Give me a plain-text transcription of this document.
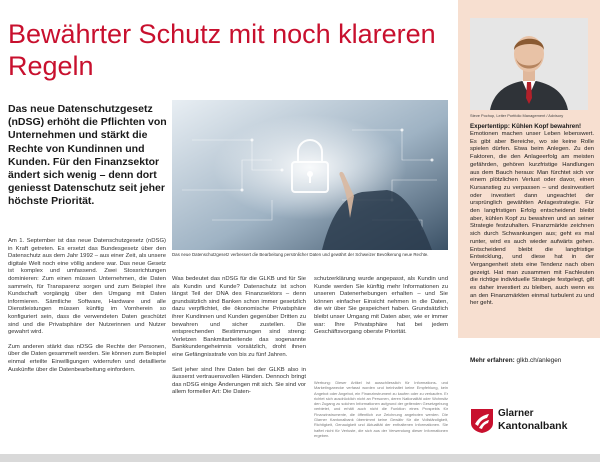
Bewährter Schutz mit noch klareren Regeln

Das neue Datenschutzgesetz (nDSG) erhöht die Pflichten von Unternehmen und stärkt die Rechte von Kundinnen und Kunden. Für den Finanzsektor ändert sich wenig – denn dort geniesst Datenschutz seit jeher höchste Priorität.

Das neue Datenschutzgesetz verbessert die Bearbeitung persönlicher Daten und gewährt der Schweizer Bevölkerung neue Rechte.

Am 1. September ist das neue Datenschutzgesetz (nDSG) in Kraft getreten. Es ersetzt das Bundesgesetz über den Datenschutz aus dem Jahr 1992 – aus einer Zeit, als unsere digitale Welt noch eine völlig andere war. Das neue Gesetz ist komplex und umfassend. Zwei Stossrichtungen dominieren: Zum einen müssen Unternehmen, die Daten sammeln, für Transparenz sorgen und zum Beispiel ihre Kundschaft vorgängig über den Umgang mit Daten informieren. Sämtliche Software, Hardware und alle Dienstleistungen müssen künftig im Vornherein so konfiguriert sein, dass die verwendeten Daten geschützt sind und die Privatsphäre der Nutzerinnen und Nutzer gewahrt wird.

Zum anderen stärkt das nDSG die Rechte der Personen, über die Daten gesammelt werden. Sie können zum Beispiel einmal erteilte Einwilligungen widerrufen und detaillierte Auskünfte über die Datenbearbeitung einfordern.

Was bedeutet das nDSG für die GLKB und für Sie als Kundin und Kunde? Datenschutz ist schon längst Teil der DNA des Finanzsektors – denn grundsätzlich sind Banken schon immer gesetzlich dazu verpflichtet, die ökonomische Privatsphäre ihrer Kundinnen und Kunden gegenüber Dritten zu bewahren und sicher zustellen. Die entsprechenden Bestimmungen sind streng: Verletzen Bankmitarbeitende das sogenannte Bankkundengeheimnis vorsätzlich, droht ihnen eine Gefängnisstrafe von bis zu fünf Jahren.

Seit jeher sind Ihre Daten bei der GLKB also in äusserst vertrauensvollen Händen. Dennoch bringt das nDSG einige Änderungen mit sich. Sie sind vor allem formeller Art: Die Daten-

schutzerklärung wurde angepasst, als Kundin und Kunde werden Sie künftig mehr Informationen zu unseren Datenerhebungen erhalten – und Sie können einfacher Einsicht nehmen in die Daten, die wir über Sie gespeichert haben. Grundsätzlich bleibt unser Umgang mit Daten aber, wie er immer war: Ihre Privatsphäre hat bei jedem Geschäftsvorgang oberste Priorität.

Werbung: Dieser Artikel ist ausschliesslich für Informations- und Marketingzwecke verfasst worden und beinhaltet keine Empfehlung, kein Angebot oder Angebot, ein Finanzinstrument zu kaufen oder zu verkaufen. Er richtet sich ausdrücklich nicht an Personen, deren Nationalität oder Wohnsitz den Zugang zu solchen Informationen aufgrund der geltenden Gesetzgebung verbietet, und erhält auch nicht die Funktion eines Prospekts für Finanzinstrumente, die öffentlich zur Zeichnung angeboten werden. Die Glarner Kantonalbank übernimmt keine Gewähr für die Vollständigkeit, Richtigkeit, Genauigkeit und Aktualität der enthaltenen Informationen. Sie haftet nicht für Verluste, die sich aus der Verwendung dieser Informationen ergeben.

Steve Pochop, Leiter Portfolio Management / Advisory

Expertentipp: Kühlen Kopf bewahren!

Emotionen machen unser Leben lebenswert. Es gibt aber Bereiche, wo sie keine Rolle spielen dürfen. Etwa beim Anlegen. Zu den Faktoren, die den Anlageerfolg am meisten gefährden, gehören kurzfristige Handlungen aus dem Bauch heraus: Man fürchtet sich vor einem plötzlichen Verlust oder davor, einen Kursanstieg zu verpassen – und desinvestiert oder investiert dann ungeachtet der ursprünglich gewählten Anlagestrategie. Für den langfristigen Erfolg entscheidend bleibt aber, kühlen Kopf zu bewahren und an seiner Strategie festzuhalten. Finanzmärkte zeichnen sich durch Schwankungen aus; geht es mal runter, wird es auch wieder aufwärts gehen. Entscheidend bleibt die langfristige Entwicklung, und diese hat in der Vergangenheit stets eine Tendenz nach oben gezeigt. Hat man zusammen mit Fachleuten die richtige individuelle Strategie festgelegt, gilt es daher investiert zu bleiben, auch wenn es an den Finanzmärkten einmal turbulent zu und her geht.

Mehr erfahren: glkb.ch/anlegen

Glarner
Kantonalbank
